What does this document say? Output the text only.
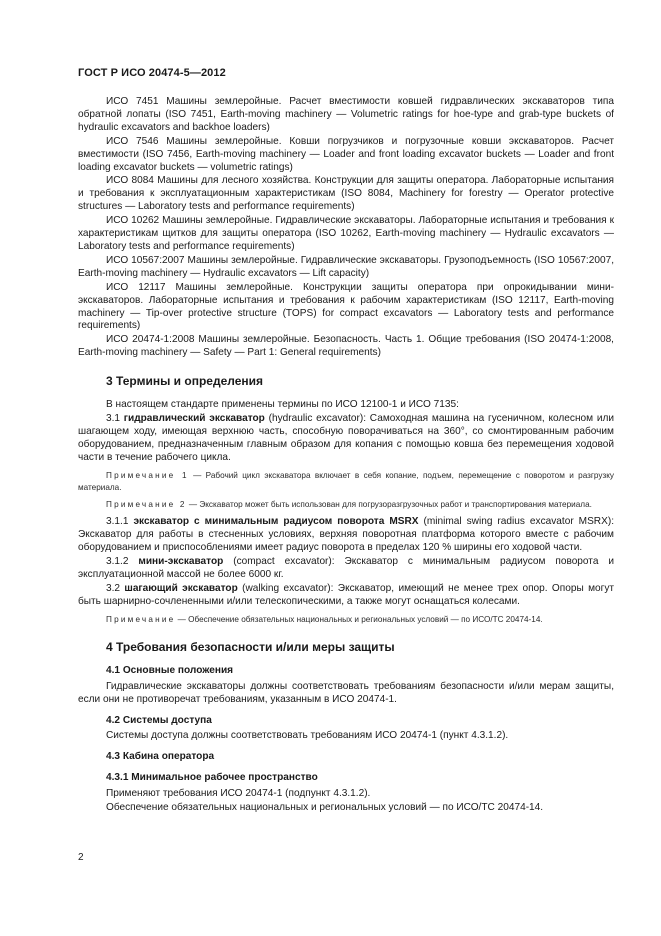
ГОСТ Р ИСО 20474-5—2012

ИСО 7451 Машины землеройные. Расчет вместимости ковшей гидравлических экскаваторов типа обратной лопаты (ISO 7451, Earth-moving machinery — Volumetric ratings for hoe-type and grab-type buckets of hydraulic excavators and backhoe loaders)

ИСО 7546 Машины землеройные. Ковши погрузчиков и погрузочные ковши экскаваторов. Расчет вместимости (ISO 7456, Earth-moving machinery — Loader and front loading excavator buckets — Loader and front loading excavator buckets — volumetric ratings)

ИСО 8084 Машины для лесного хозяйства. Конструкции для защиты оператора. Лабораторные испытания и требования к эксплуатационным характеристикам (ISO 8084, Machinery for forestry — Operator protective structures — Laboratory tests and performance requirements)

ИСО 10262 Машины землеройные. Гидравлические экскаваторы. Лабораторные испытания и требования к характеристикам щитков для защиты оператора (ISO 10262, Earth-moving machinery — Hydraulic excavators — Laboratory tests and performance requirements)

ИСО 10567:2007 Машины землеройные. Гидравлические экскаваторы. Грузоподъемность (ISO 10567:2007, Earth-moving machinery — Hydraulic excavators — Lift capacity)

ИСО 12117 Машины землеройные. Конструкции защиты оператора при опрокидывании мини-экскаваторов. Лабораторные испытания и требования к рабочим характеристикам (ISO 12117, Earth-moving machinery — Tip-over protective structure (TOPS) for compact excavators — Laboratory tests and performance requirements)

ИСО 20474-1:2008 Машины землеройные. Безопасность. Часть 1. Общие требования (ISO 20474-1:2008, Earth-moving machinery — Safety — Part 1: General requirements)

3 Термины и определения

В настоящем стандарте применены термины по ИСО 12100-1 и ИСО 7135:

3.1 гидравлический экскаватор (hydraulic excavator): Самоходная машина на гусеничном, колесном или шагающем ходу, имеющая верхнюю часть, способную поворачиваться на 360°, со смонтированным рабочим оборудованием, предназначенным главным образом для копания с помощью ковша без перемещения ходовой части в течение рабочего цикла.

Примечание 1 — Рабочий цикл экскаватора включает в себя копание, подъем, перемещение с поворотом и разгрузку материала.

Примечание 2 — Экскаватор может быть использован для погрузоразгрузочных работ и транспортирования материала.

3.1.1 экскаватор с минимальным радиусом поворота MSRX (minimal swing radius excavator MSRX): Экскаватор для работы в стесненных условиях, верхняя поворотная платформа которого вместе с рабочим оборудованием и приспособлениями имеет радиус поворота в пределах 120 % ширины его ходовой части.

3.1.2 мини-экскаватор (compact excavator): Экскаватор с минимальным радиусом поворота и эксплуатационной массой не более 6000 кг.

3.2 шагающий экскаватор (walking excavator): Экскаватор, имеющий не менее трех опор. Опоры могут быть шарнирно-сочлененными и/или телескопическими, а также могут оснащаться колесами.

Примечание — Обеспечение обязательных национальных и региональных условий — по ИСО/ТС 20474-14.

4 Требования безопасности и/или меры защиты
4.1 Основные положения

Гидравлические экскаваторы должны соответствовать требованиям безопасности и/или мерам защиты, если они не противоречат требованиям, указанным в ИСО 20474-1.

4.2 Системы доступа

Системы доступа должны соответствовать требованиям ИСО 20474-1 (пункт 4.3.1.2).

4.3 Кабина оператора
4.3.1 Минимальное рабочее пространство

Применяют требования ИСО 20474-1 (подпункт 4.3.1.2).

Обеспечение обязательных национальных и региональных условий — по ИСО/ТС 20474-14.

2
